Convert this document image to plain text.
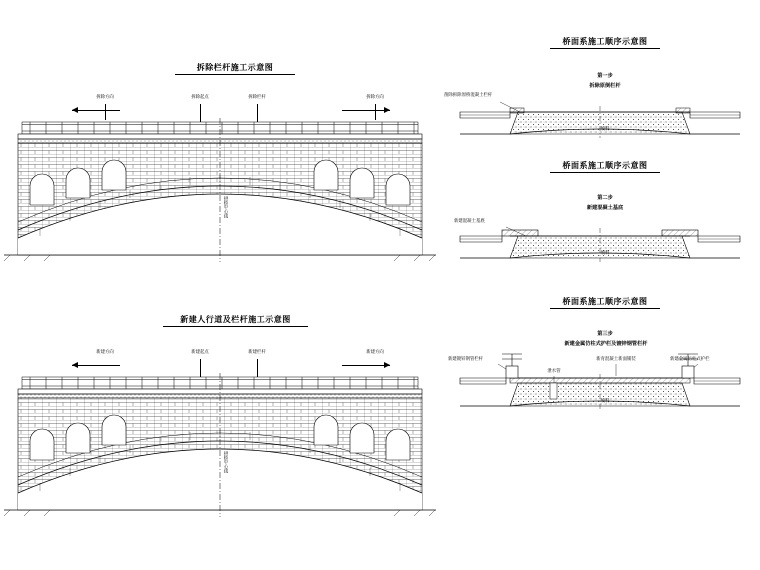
拆除栏杆施工示意图
拆除方向	拆除起点	拆除栏杆	拆除方向
拱桥中心线
新建人行道及栏杆施工示意图
新建方向	新建起点	新建栏杆	新建方向
拱桥中心线
桥面系施工顺序示意图
第一步
拆除原倒栏杆
凿除拆除原桥混凝土栏杆
桥面系施工顺序示意图
第二步
新建混凝土基底
新建混凝土基底
桥面系施工顺序示意图
第三步
新建金属仿柱式护栏及镀锌钢管栏杆
新建镀锌钢管栏杆
泄水管
新育混凝土新面铺装	新建金属仿柱式护栏
